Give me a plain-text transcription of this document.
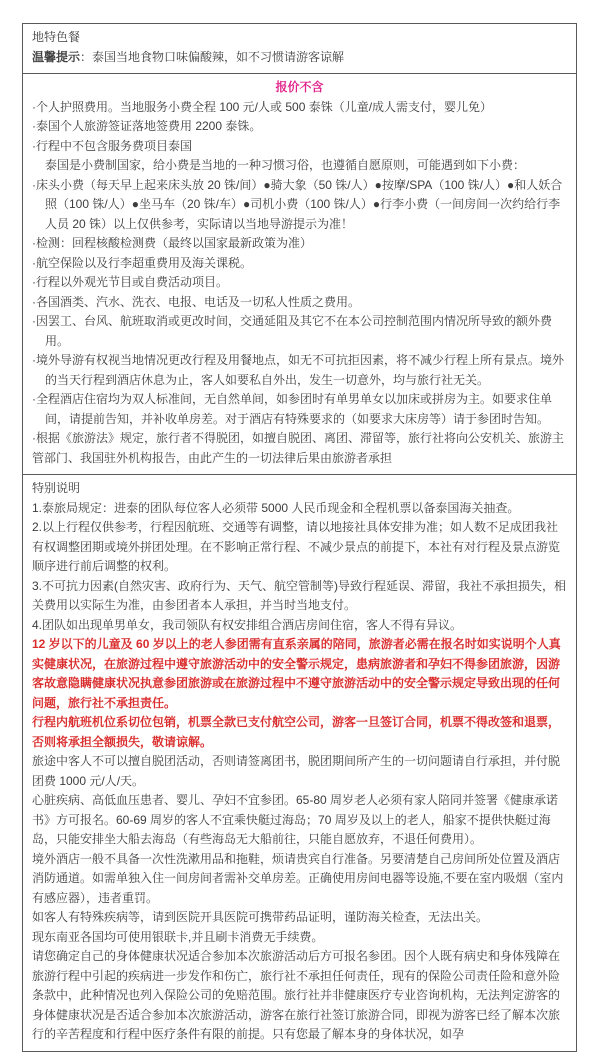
地特色餐

温馨提示：泰国当地食物口味偏酸辣，如不习惯请游客谅解

报价不含

·个人护照费用。当地服务小费全程 100 元/人或 500 泰铢（儿童/成人需支付，婴儿免）

·泰国个人旅游签证落地签费用 2200 泰铢。

·行程中不包含服务费项目泰国

泰国是小费制国家，给小费是当地的一种习惯习俗，也遵循自愿原则，可能遇到如下小费：

·床头小费（每天早上起来床头放 20 铢/间）●骑大象（50 铢/人）●按摩/SPA（100 铢/人）●和人妖合照（100 铢/人）●坐马车（20 铢/车）●司机小费（100 铢/人）●行李小费（一间房间一次约给行李人员 20 铢）以上仅供参考，实际请以当地导游提示为准！

·检测：回程核酸检测费（最终以国家最新政策为准）

·航空保险以及行李超重费用及海关课税。

·行程以外观光节目或自费活动项目。

·各国酒类、汽水、洗衣、电报、电话及一切私人性质之费用。

·因罢工、台风、航班取消或更改时间，交通延阻及其它不在本公司控制范围内情况所导致的额外费用。

·境外导游有权视当地情况更改行程及用餐地点，如无不可抗拒因素，将不减少行程上所有景点。境外的当天行程到酒店休息为止，客人如要私自外出，发生一切意外，均与旅行社无关。

·全程酒店住宿均为双人标准间，无自然单间，如参团时有单男单女以加床或拼房为主。如要求住单间，请提前告知，并补收单房差。对于酒店有特殊要求的（如要求大床房等）请于参团时告知。

·根据《旅游法》规定，旅行者不得脱团，如擅自脱团、离团、滞留等，旅行社将向公安机关、旅游主管部门、我国驻外机构报告，由此产生的一切法律后果由旅游者承担

特别说明

1.泰旅局规定：进泰的团队每位客人必须带 5000 人民币现金和全程机票以备泰国海关抽查。

2.以上行程仅供参考，行程因航班、交通等有调整，请以地接社具体安排为准；如人数不足成团我社有权调整团期或境外拼团处理。在不影响正常行程、不减少景点的前提下，本社有对行程及景点游览顺序进行前后调整的权利。

3.不可抗力因素(自然灾害、政府行为、天气、航空管制等)导致行程延误、滞留，我社不承担损失，相关费用以实际生为准，由参团者本人承担，并当时当地支付。

4.团队如出现单男单女，我司领队有权安排组合酒店房间住宿，客人不得有异议。

12 岁以下的儿童及 60 岁以上的老人参团需有直系亲属的陪同，旅游者必需在报名时如实说明个人真实健康状况，在旅游过程中遵守旅游活动中的安全警示规定，患病旅游者和孕妇不得参团旅游，因游客故意隐瞒健康状况执意参团旅游或在旅游过程中不遵守旅游活动中的安全警示规定导致出现的任何问题，旅行社不承担责任。

行程内航班机位系切位包销，机票全款已支付航空公司，游客一旦签订合同，机票不得改签和退票，否则将承担全额损失，敬请谅解。

旅途中客人不可以擅自脱团活动，否则请签离团书，脱团期间所产生的一切问题请自行承担，并付脱团费 1000 元/人/天。

心脏疾病、高低血压患者、婴儿、孕妇不宜参团。65-80 周岁老人必须有家人陪同并签署《健康承诺书》方可报名。60-69 周岁的客人不宜乘快艇过海岛；70 周岁及以上的老人，船家不提供快艇过海岛，只能安排坐大船去海岛（有些海岛无大船前往，只能自愿放弃，不退任何费用）。

境外酒店一般不具备一次性洗漱用品和拖鞋，烦请贵宾自行准备。另要清楚自己房间所处位置及酒店消防通道。如需单独入住一间房间者需补交单房差。正确使用房间电器等设施,不要在室内吸烟（室内有感应器），违者重罚。

如客人有特殊疾病等，请到医院开具医院可携带药品证明，谨防海关检查，无法出关。

现东南亚各国均可使用银联卡,并且刷卡消费无手续费。

请您确定自己的身体健康状况适合参加本次旅游活动后方可报名参团。因个人既有病史和身体残障在旅游行程中引起的疾病进一步发作和伤亡，旅行社不承担任何责任，现有的保险公司责任险和意外险条款中，此种情况也列入保险公司的免赔范围。旅行社并非健康医疗专业咨询机构，无法判定游客的身体健康状况是否适合参加本次旅游活动，游客在旅行社签订旅游合同，即视为游客已经了解本次旅行的辛苦程度和行程中医疗条件有限的前提。只有您最了解本身的身体状况，如孕
